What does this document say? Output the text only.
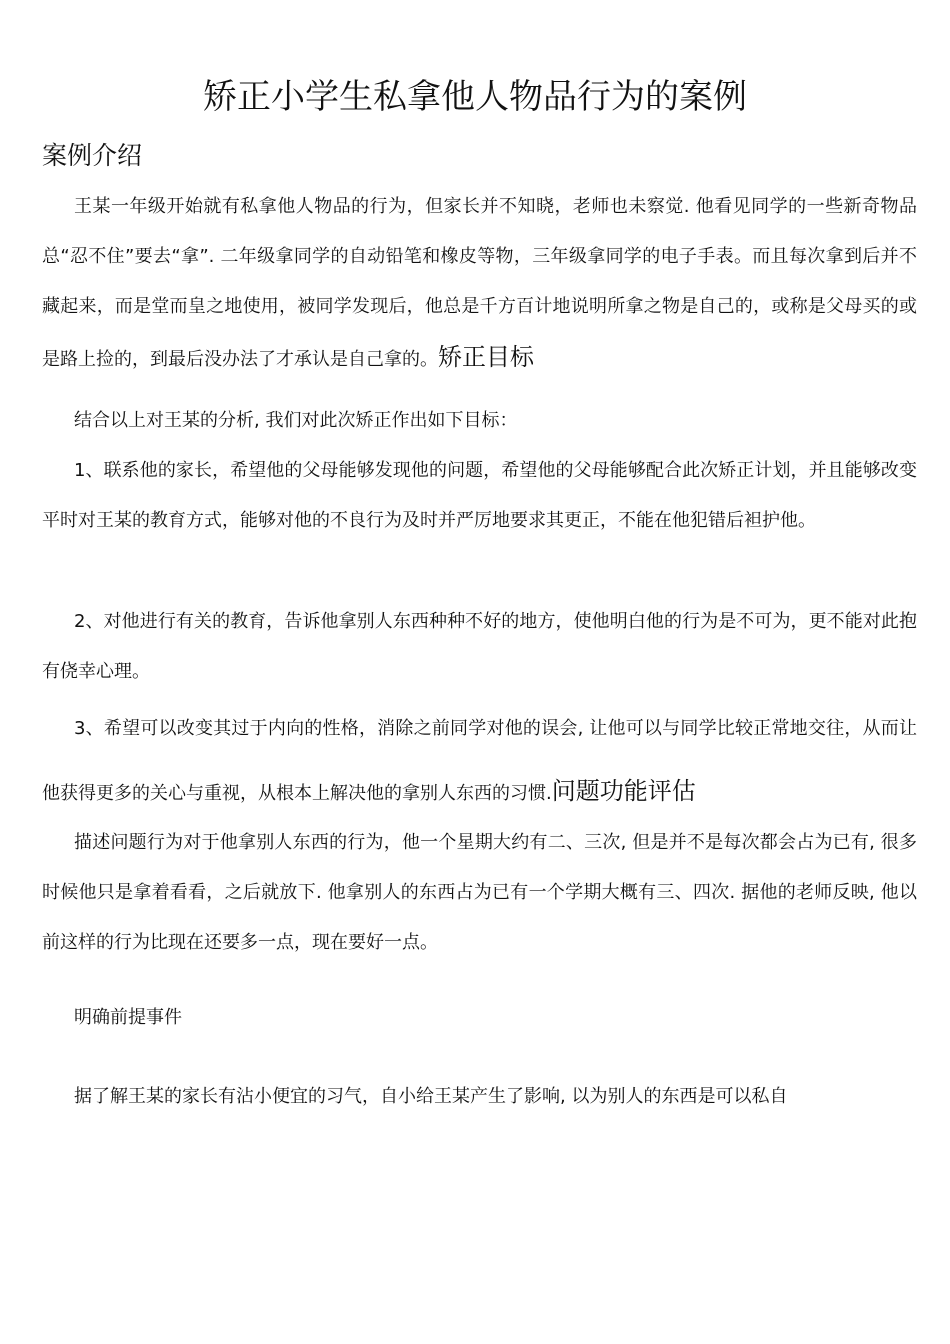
矫正小学生私拿他人物品行为的案例
案例介绍

王某一年级开始就有私拿他人物品的行为，但家长并不知晓，老师也未察觉. 他看见同学的一些新奇物品总“忍不住”要去“拿”. 二年级拿同学的自动铅笔和橡皮等物，三年级拿同学的电子手表。而且每次拿到后并不藏起来，而是堂而皇之地使用，被同学发现后，他总是千方百计地说明所拿之物是自己的，或称是父母买的或是路上捡的，到最后没办法了才承认是自己拿的。矫正目标

结合以上对王某的分析, 我们对此次矫正作出如下目标：

1、联系他的家长，希望他的父母能够发现他的问题，希望他的父母能够配合此次矫正计划，并且能够改变平时对王某的教育方式，能够对他的不良行为及时并严厉地要求其更正，不能在他犯错后袒护他。

2、对他进行有关的教育，告诉他拿别人东西种种不好的地方，使他明白他的行为是不可为，更不能对此抱有侥幸心理。

3、希望可以改变其过于内向的性格，消除之前同学对他的误会, 让他可以与同学比较正常地交往，从而让他获得更多的关心与重视，从根本上解决他的拿别人东西的习惯.问题功能评估

描述问题行为对于他拿别人东西的行为，他一个星期大约有二、三次, 但是并不是每次都会占为已有, 很多时候他只是拿着看看，之后就放下. 他拿别人的东西占为已有一个学期大概有三、四次. 据他的老师反映, 他以前这样的行为比现在还要多一点，现在要好一点。

明确前提事件

据了解王某的家长有沾小便宜的习气，自小给王某产生了影响, 以为别人的东西是可以私自
